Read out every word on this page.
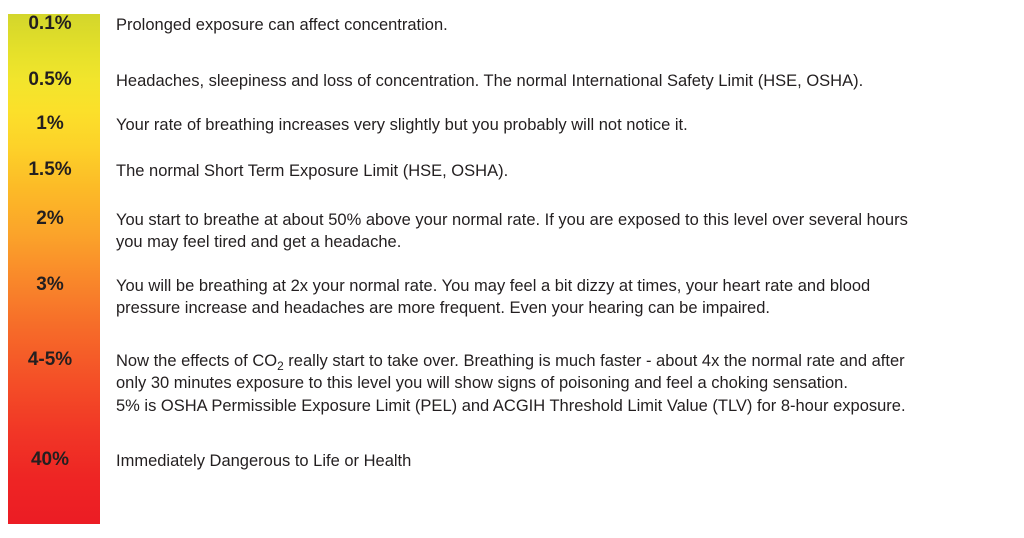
0.1%	Prolonged exposure can affect concentration.
0.5%	Headaches, sleepiness and loss of concentration. The normal International Safety Limit (HSE, OSHA).
1%	Your rate of breathing increases very slightly but you probably will not notice it.
1.5%	The normal Short Term Exposure Limit (HSE, OSHA).
2%	You start to breathe at about 50% above your normal rate. If you are exposed to this level over several hours
you may feel tired and get a headache.
3%	You will be breathing at 2x your normal rate. You may feel a bit dizzy at times, your heart rate and blood
pressure increase and headaches are more frequent. Even your hearing can be impaired.
4-5%	Now the effects of $CO_2$ really start to take over. Breathing is much faster - about 4x the normal rate and after
only 30 minutes exposure to this level you will show signs of poisoning and feel a choking sensation.
5% is OSHA Permissible Exposure Limit (PEL) and ACGIH Threshold Limit Value (TLV) for 8-hour exposure.
40%	Immediately Dangerous to Life or Health
